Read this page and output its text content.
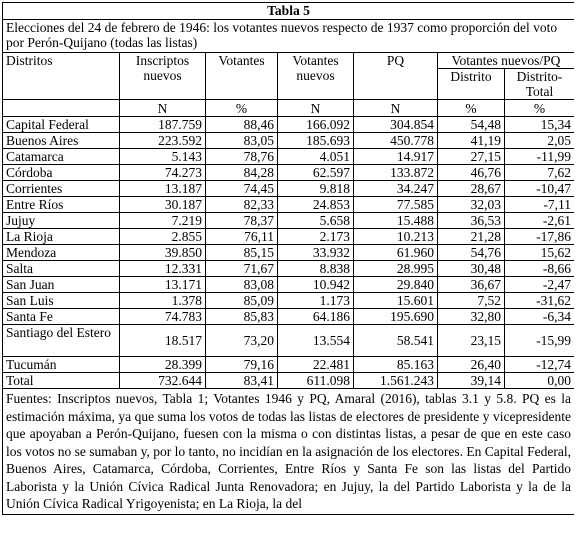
Tabla 5						
Elecciones del 24 de febrero de 1946: los votantes nuevos respecto de 1937 como proporción del voto por Perón-Quijano (todas las listas)						
Distritos	Inscriptos nuevos	Votantes	Votantes nuevos	PQ	Votantes nuevos/PQ	
					Distrito	Distrito-Total
	N	%	N	N	%	%
Capital Federal	187.759	88,46	166.092	304.854	54,48	15,34
Buenos Aires	223.592	83,05	185.693	450.778	41,19	2,05
Catamarca	5.143	78,76	4.051	14.917	27,15	-11,99
Córdoba	74.273	84,28	62.597	133.872	46,76	7,62
Corrientes	13.187	74,45	9.818	34.247	28,67	-10,47
Entre Ríos	30.187	82,33	24.853	77.585	32,03	-7,11
Jujuy	7.219	78,37	5.658	15.488	36,53	-2,61
La Rioja	2.855	76,11	2.173	10.213	21,28	-17,86
Mendoza	39.850	85,15	33.932	61.960	54,76	15,62
Salta	12.331	71,67	8.838	28.995	30,48	-8,66
San Juan	13.171	83,08	10.942	29.840	36,67	-2,47
San Luis	1.378	85,09	1.173	15.601	7,52	-31,62
Santa Fe	74.783	85,83	64.186	195.690	32,80	-6,34
Santiago del Estero	18.517	73,20	13.554	58.541	23,15	-15,99
Tucumán	28.399	79,16	22.481	85.163	26,40	-12,74
Total	732.644	83,41	611.098	1.561.243	39,14	0,00
Fuentes: Inscriptos nuevos, Tabla 1; Votantes 1946 y PQ, Amaral (2016), tablas 3.1 y 5.8. PQ es la estimación máxima, ya que suma los votos de todas las listas de electores de presidente y vicepresidente que apoyaban a Perón-Quijano, fuesen con la misma o con distintas listas, a pesar de que en este caso los votos no se sumaban y, por lo tanto, no incidían en la asignación de los electores. En Capital Federal, Buenos Aires, Catamarca, Córdoba, Corrientes, Entre Ríos y Santa Fe son las listas del Partido Laborista y la Unión Cívica Radical Junta Renovadora; en Jujuy, la del Partido Laborista y la de la Unión Cívica Radical Yrigoyenista; en La Rioja, la del						
